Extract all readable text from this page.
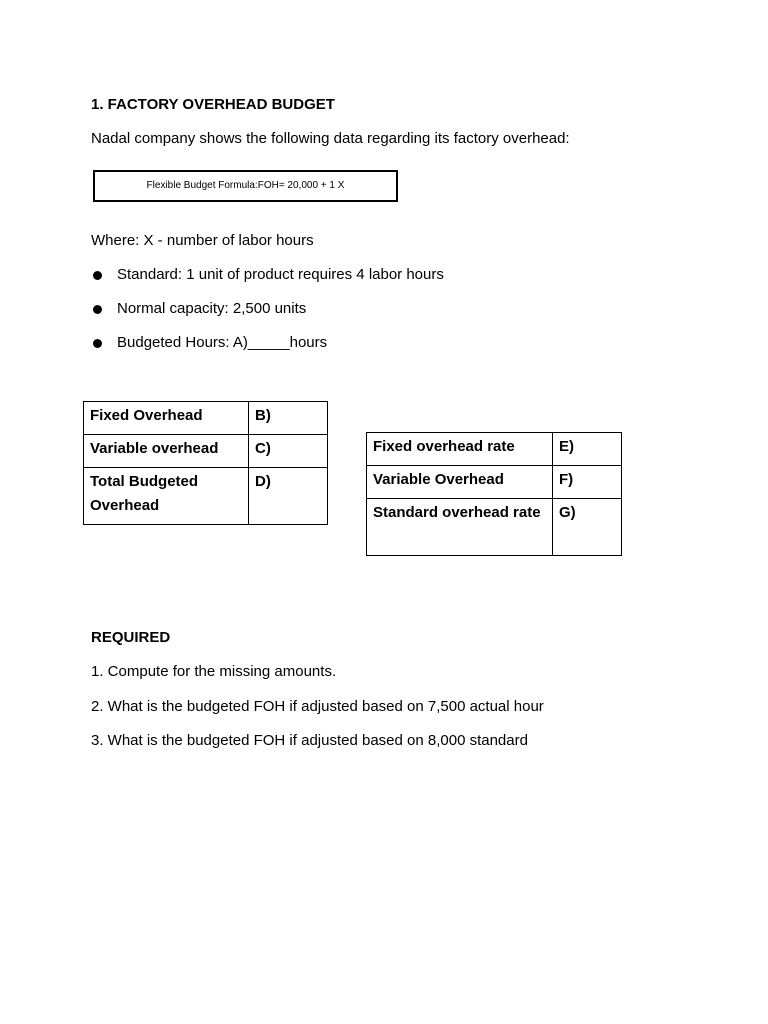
1. FACTORY OVERHEAD BUDGET
Nadal company shows the following data regarding its factory overhead:
Flexible Budget Formula:FOH= 20,000 + 1 X
Where: X - number of labor hours
Standard: 1 unit of product requires 4 labor hours
Normal capacity: 2,500 units
Budgeted Hours: A)_____hours
Fixed Overhead	B)
Variable overhead	C)
Total Budgeted Overhead	D)
Fixed overhead rate	E)
Variable Overhead	F)
Standard overhead rate	G)
REQUIRED
1. Compute for the missing amounts.
2. What is the budgeted FOH if adjusted based on 7,500 actual hour
3. What is the budgeted FOH if adjusted based on 8,000 standard
